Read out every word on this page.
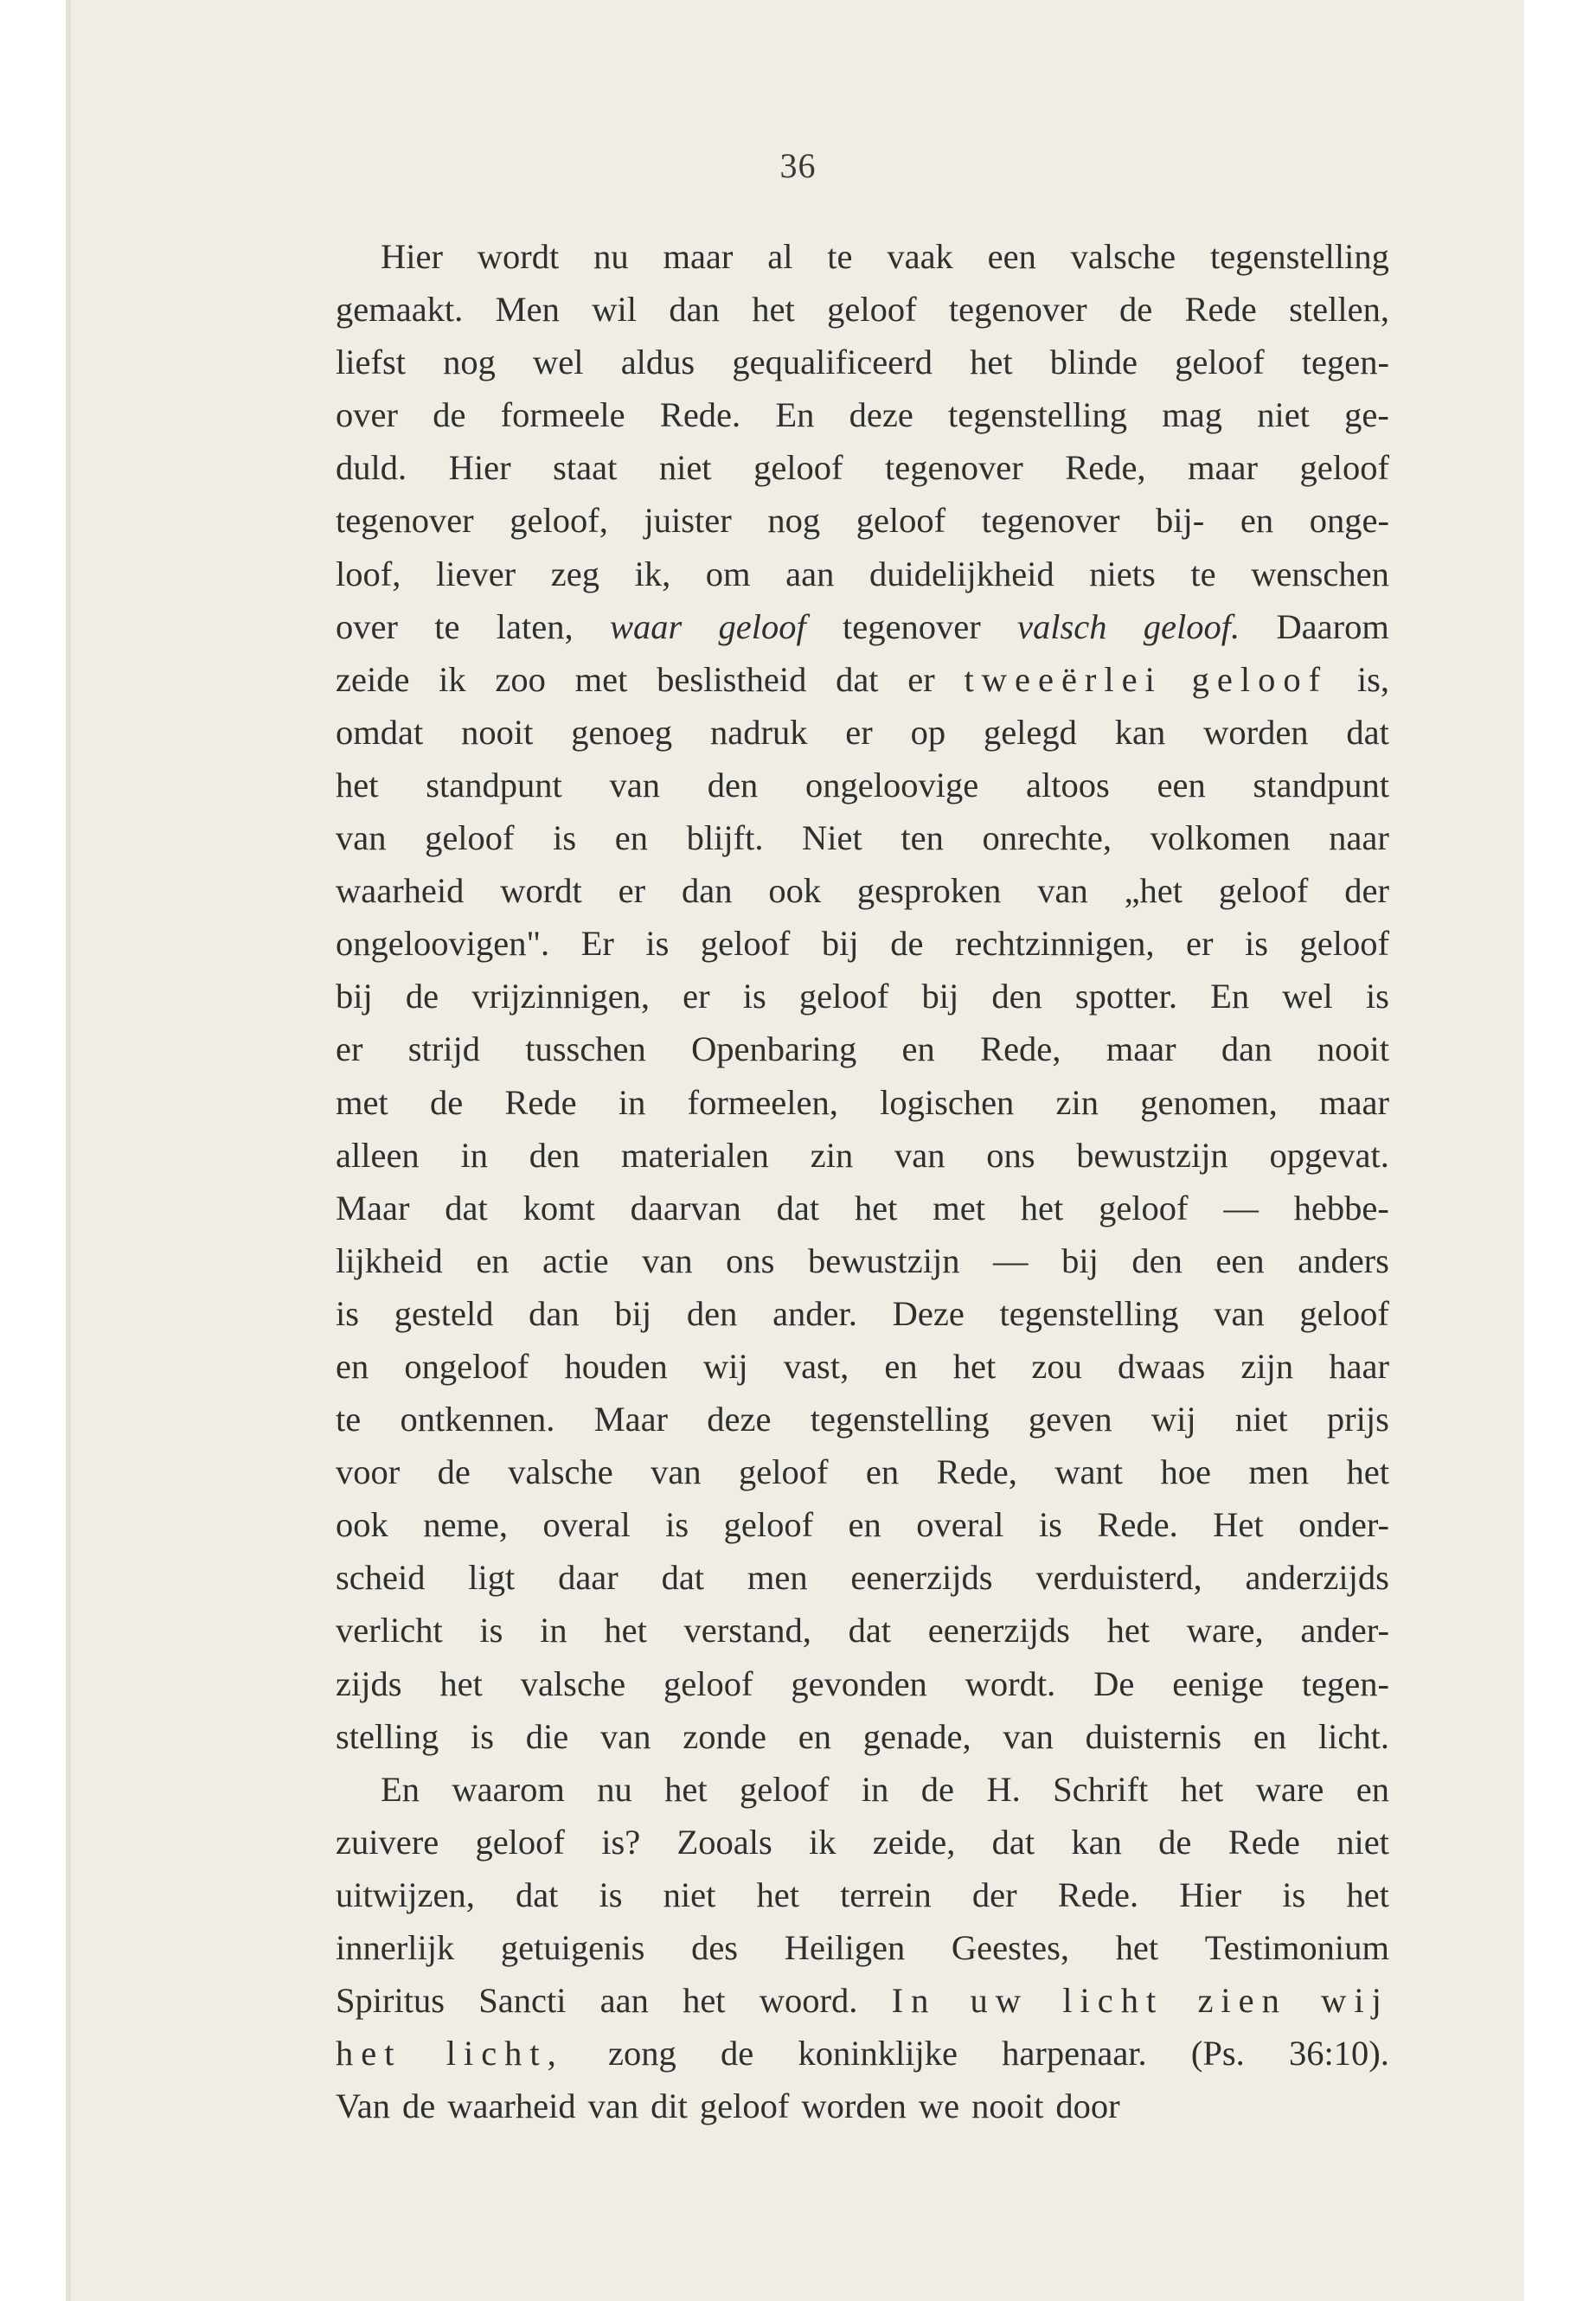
36
Hier wordt nu maar al te vaak een valsche tegenstelling
gemaakt. Men wil dan het geloof tegenover de Rede stellen,
liefst nog wel aldus gequalificeerd het blinde geloof tegen-
over de formeele Rede. En deze tegenstelling mag niet ge-
duld. Hier staat niet geloof tegenover Rede, maar geloof
tegenover geloof, juister nog geloof tegenover bij- en onge-
loof, liever zeg ik, om aan duidelijkheid niets te wenschen
over te laten, waar geloof tegenover valsch geloof. Daarom
zeide ik zoo met beslistheid dat er tweeërlei geloof is,
omdat nooit genoeg nadruk er op gelegd kan worden dat
het standpunt van den ongeloovige altoos een standpunt
van geloof is en blijft. Niet ten onrechte, volkomen naar
waarheid wordt er dan ook gesproken van „het geloof der
ongeloovigen". Er is geloof bij de rechtzinnigen, er is geloof
bij de vrijzinnigen, er is geloof bij den spotter. En wel is
er strijd tusschen Openbaring en Rede, maar dan nooit
met de Rede in formeelen, logischen zin genomen, maar
alleen in den materialen zin van ons bewustzijn opgevat.
Maar dat komt daarvan dat het met het geloof — hebbe-
lijkheid en actie van ons bewustzijn — bij den een anders
is gesteld dan bij den ander. Deze tegenstelling van geloof
en ongeloof houden wij vast, en het zou dwaas zijn haar
te ontkennen. Maar deze tegenstelling geven wij niet prijs
voor de valsche van geloof en Rede, want hoe men het
ook neme, overal is geloof en overal is Rede. Het onder-
scheid ligt daar dat men eenerzijds verduisterd, anderzijds
verlicht is in het verstand, dat eenerzijds het ware, ander-
zijds het valsche geloof gevonden wordt. De eenige tegen-
stelling is die van zonde en genade, van duisternis en licht.
En waarom nu het geloof in de H. Schrift het ware en
zuivere geloof is? Zooals ik zeide, dat kan de Rede niet
uitwijzen, dat is niet het terrein der Rede. Hier is het
innerlijk getuigenis des Heiligen Geestes, het Testimonium
Spiritus Sancti aan het woord. In uw licht zien wij
het licht, zong de koninklijke harpenaar. (Ps. 36:10).
Van de waarheid van dit geloof worden we nooit door
